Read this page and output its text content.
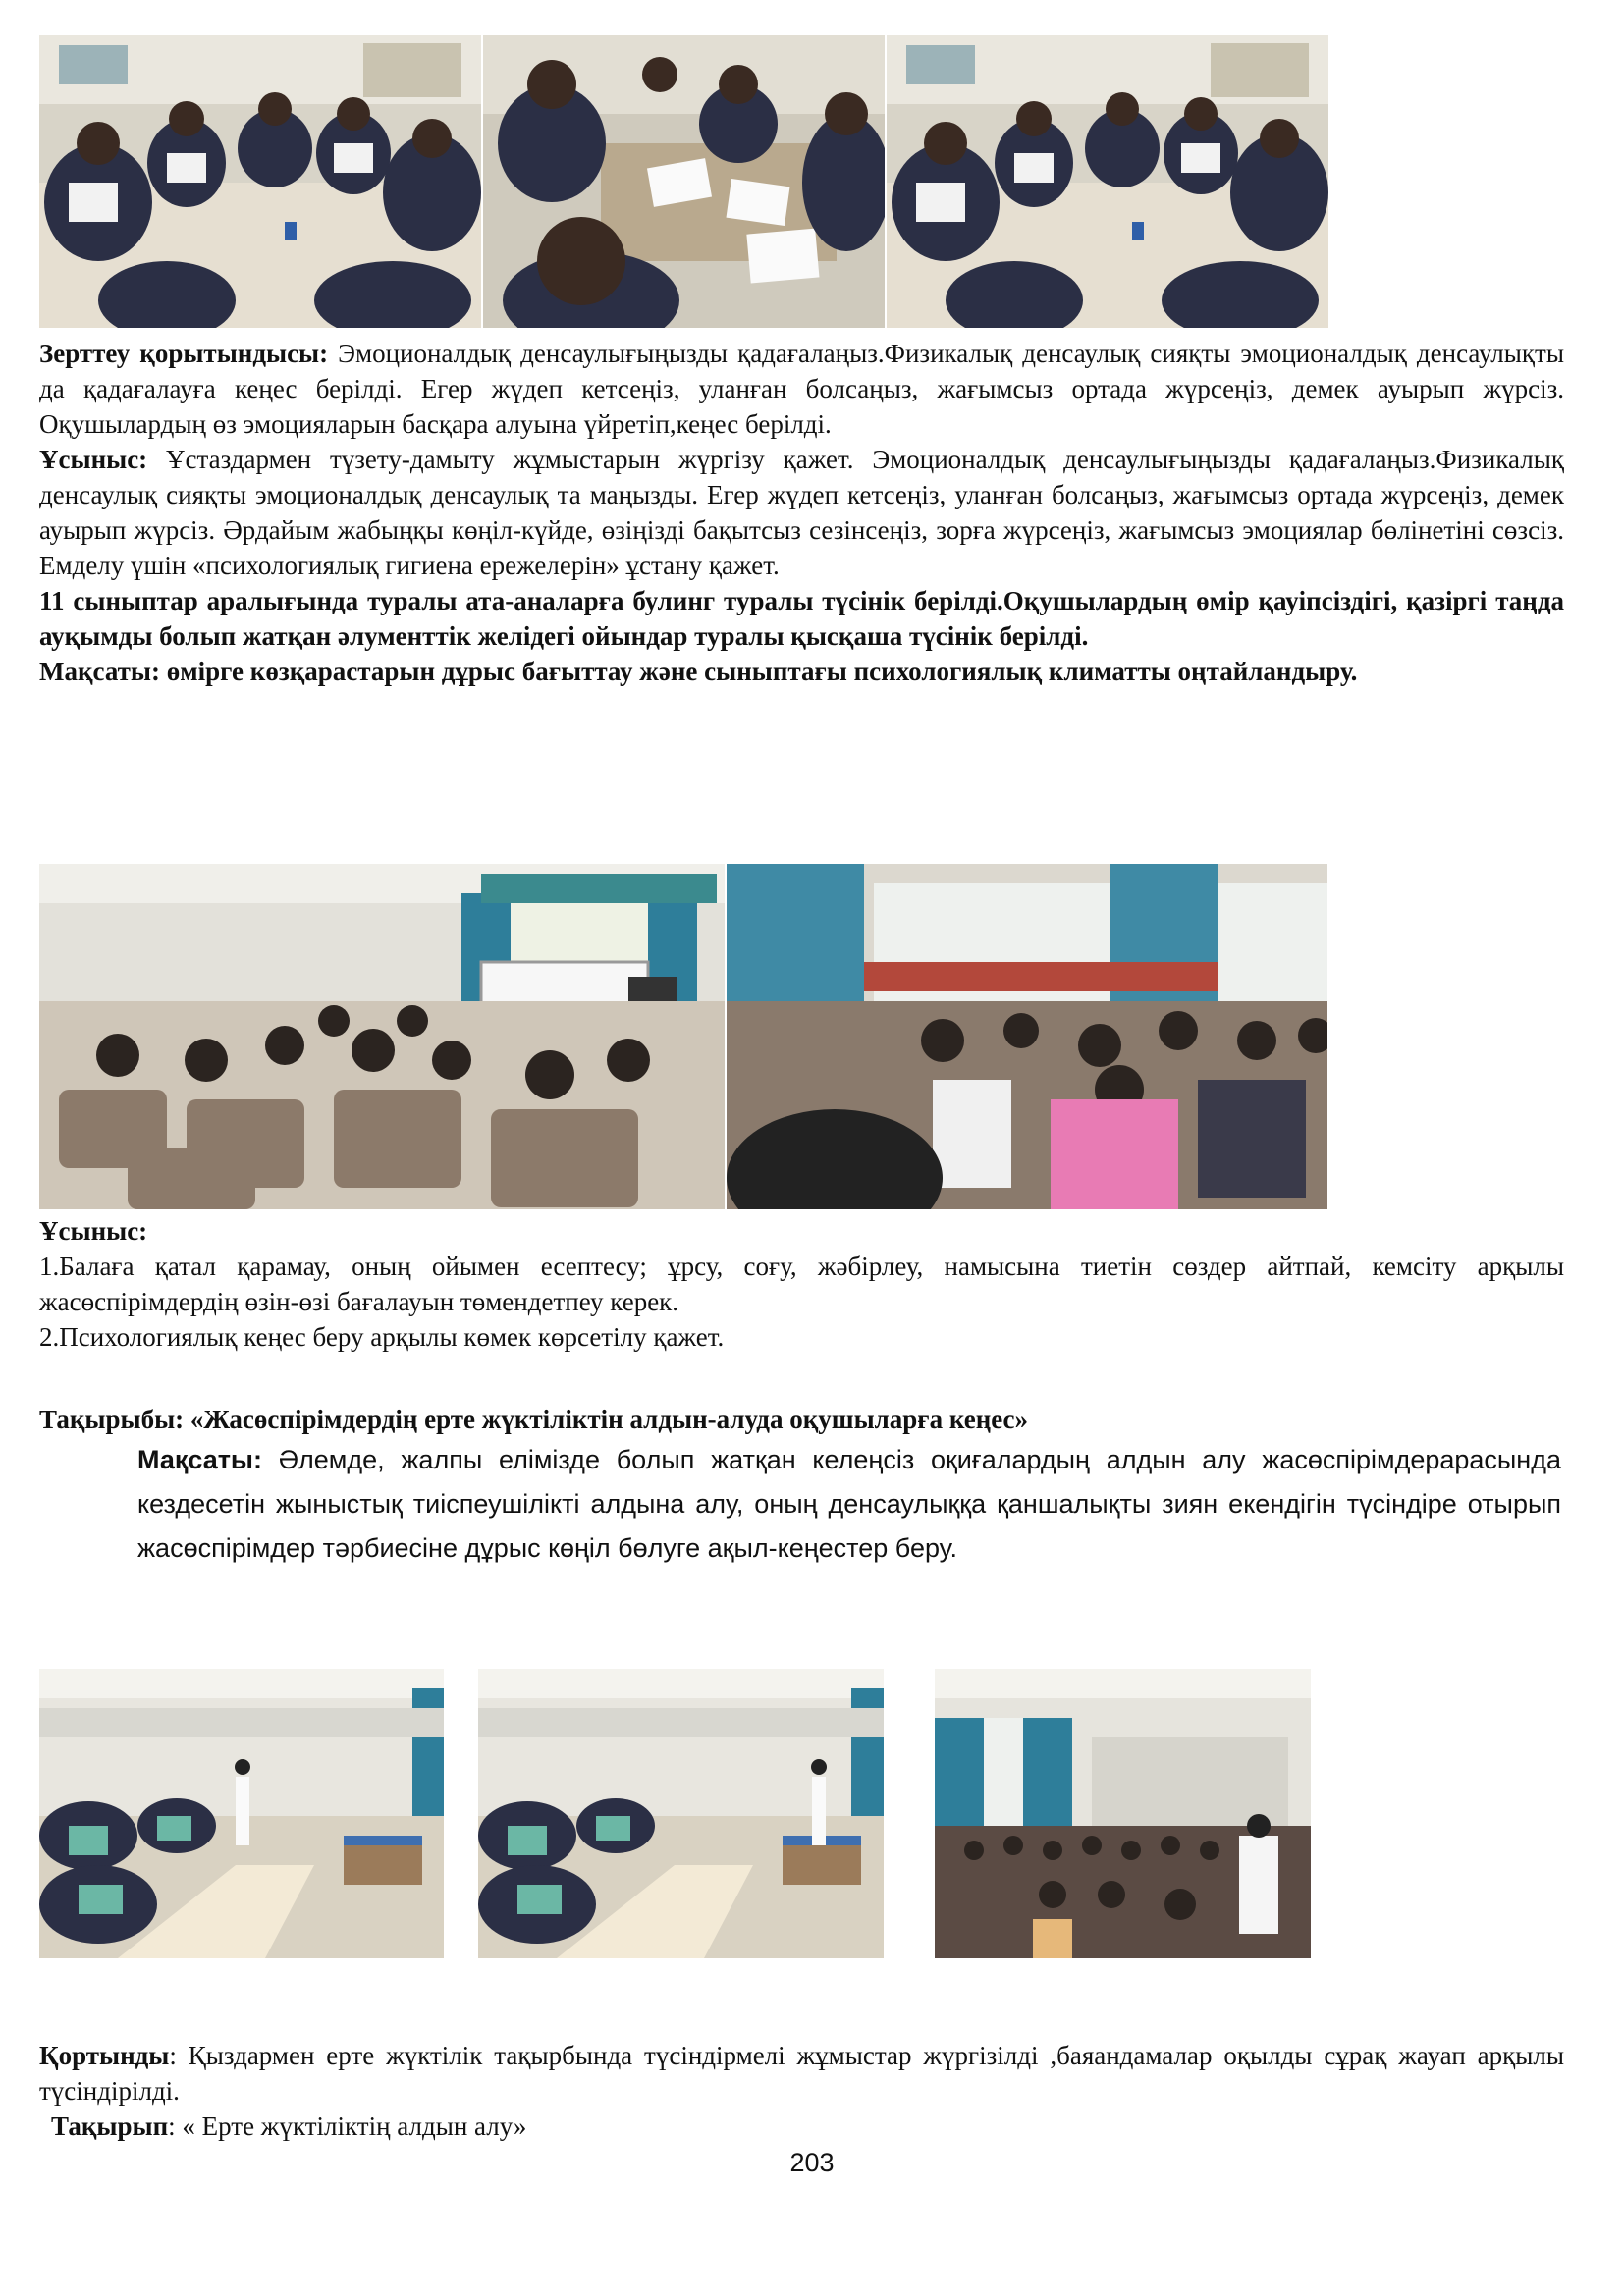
Зерттеу қорытындысы: Эмоционалдық денсаулығыңызды қадағалаңыз.Физикалық денсаулық сияқты эмоционалдық денсаулықты да қадағалауға кеңес берілді. Егер жүдеп кетсеңіз, уланған болсаңыз, жағымсыз ортада жүрсеңіз, демек ауырып жүрсіз. Оқушылардың өз эмоцияларын басқара алуына үйретіп,кеңес берілді.

Ұсыныс: Ұстаздармен түзету-дамыту жұмыстарын жүргізу қажет. Эмоционалдық денсаулығыңызды қадағалаңыз.Физикалық денсаулық сияқты эмоционалдық денсаулық та маңызды. Егер жүдеп кетсеңіз, уланған болсаңыз, жағымсыз ортада жүрсеңіз, демек ауырып жүрсіз. Әрдайым жабыңқы көңіл-күйде, өзіңізді бақытсыз сезінсеңіз, зорға жүрсеңіз, жағымсыз эмоциялар бөлінетіні сөзсіз. Емделу үшін «психологиялық гигиена ережелерін» ұстану қажет.

11 сыныптар аралығында туралы ата-аналарға булинг туралы түсінік берілді.Оқушылардың өмір қауіпсіздігі, қазіргі таңда ауқымды болып жатқан әлументтік желідегі ойындар туралы қысқаша түсінік берілді.

Мақсаты: өмірге көзқарастарын дұрыс бағыттау және сыныптағы психологиялық климатты оңтайландыру.

Ұсыныс:

1.Балаға қатал қарамау, оның ойымен есептесу; ұрсу, соғу, жәбірлеу, намысына тиетін сөздер айтпай, кемсіту арқылы жасөспірімдердің өзін-өзі бағалауын төмендетпеу керек.

2.Психологиялық кеңес беру арқылы көмек көрсетілу қажет.

Тақырыбы: «Жасөспірімдердің ерте жүктіліктін алдын-алуда оқушыларға кеңес»

Мақсаты: Әлемде, жалпы елімізде болып жатқан келеңсіз оқиғалардың алдын алу жасөспірімдерарасында кездесетін жыныстық тиіспеушілікті алдына алу, оның денсаулыққа қаншалықты зиян екендігін түсіндіре отырып жасөспірімдер тәрбиесіне дұрыс көңіл бөлуге ақыл-кеңестер беру.

Қортынды: Қыздармен ерте жүктілік тақырбында түсіндірмелі жұмыстар жүргізілді ,баяандамалар оқылды сұрақ жауап арқылы түсіндірілді.

Тақырып: « Ерте жүктіліктің алдын алу»

203
